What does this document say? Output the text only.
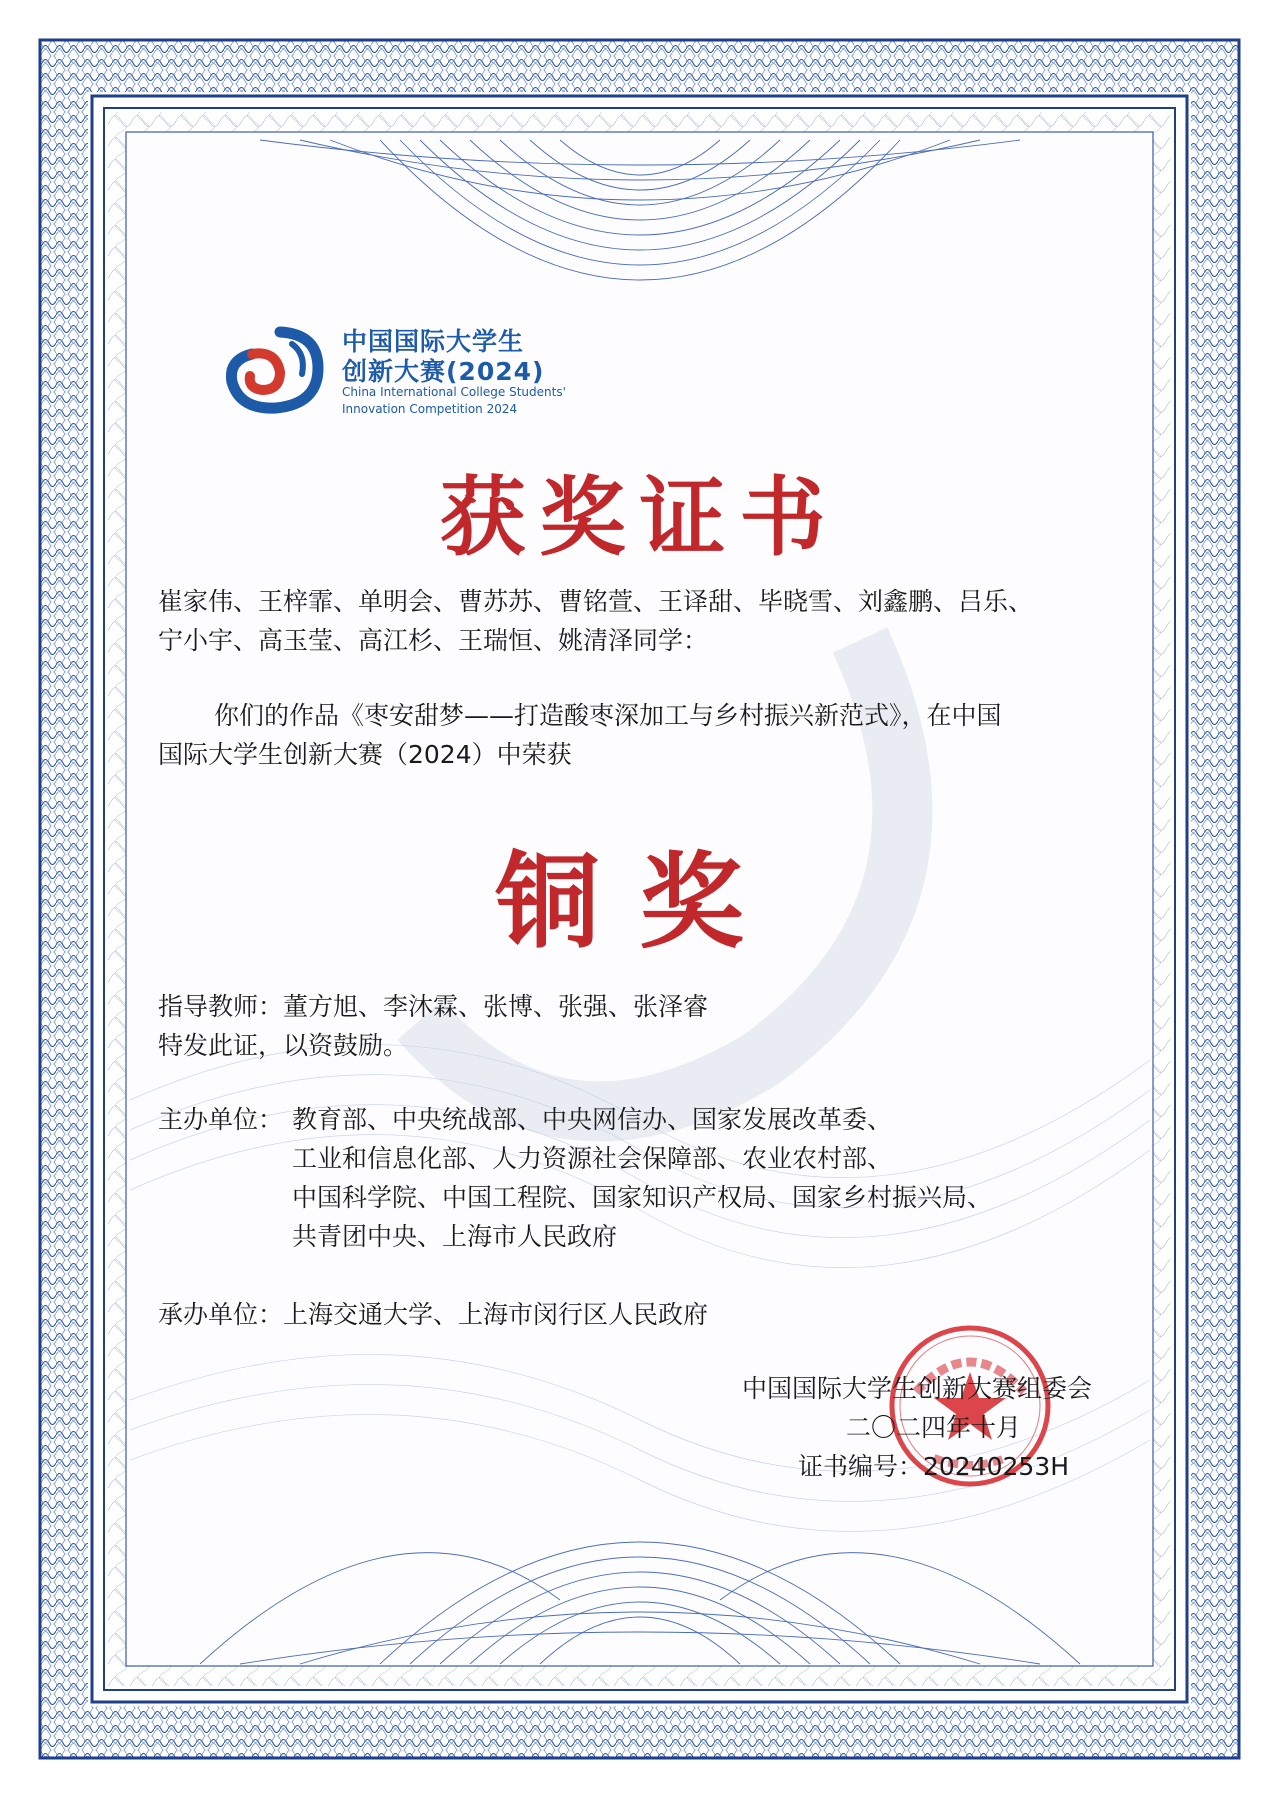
中国国际大学生
创新大赛(2024)
China International College Students'
Innovation Competition 2024
获奖证书
崔家伟、王梓霏、单明会、曹苏苏、曹铭萱、王译甜、毕晓雪、刘鑫鹏、吕乐、
宁小宇、高玉莹、高江杉、王瑞恒、姚清泽同学：
你们的作品《枣安甜梦——打造酸枣深加工与乡村振兴新范式》，在中国
国际大学生创新大赛（2024）中荣获
铜奖
指导教师：董方旭、李沐霖、张博、张强、张泽睿
特发此证，以资鼓励。
主办单位： 教育部、中央统战部、中央网信办、国家发展改革委、
工业和信息化部、人力资源社会保障部、农业农村部、
中国科学院、中国工程院、国家知识产权局、国家乡村振兴局、
共青团中央、上海市人民政府
承办单位：上海交通大学、上海市闵行区人民政府
中国国际大学生创新大赛组委会
二〇二四年十月
证书编号：20240253H
